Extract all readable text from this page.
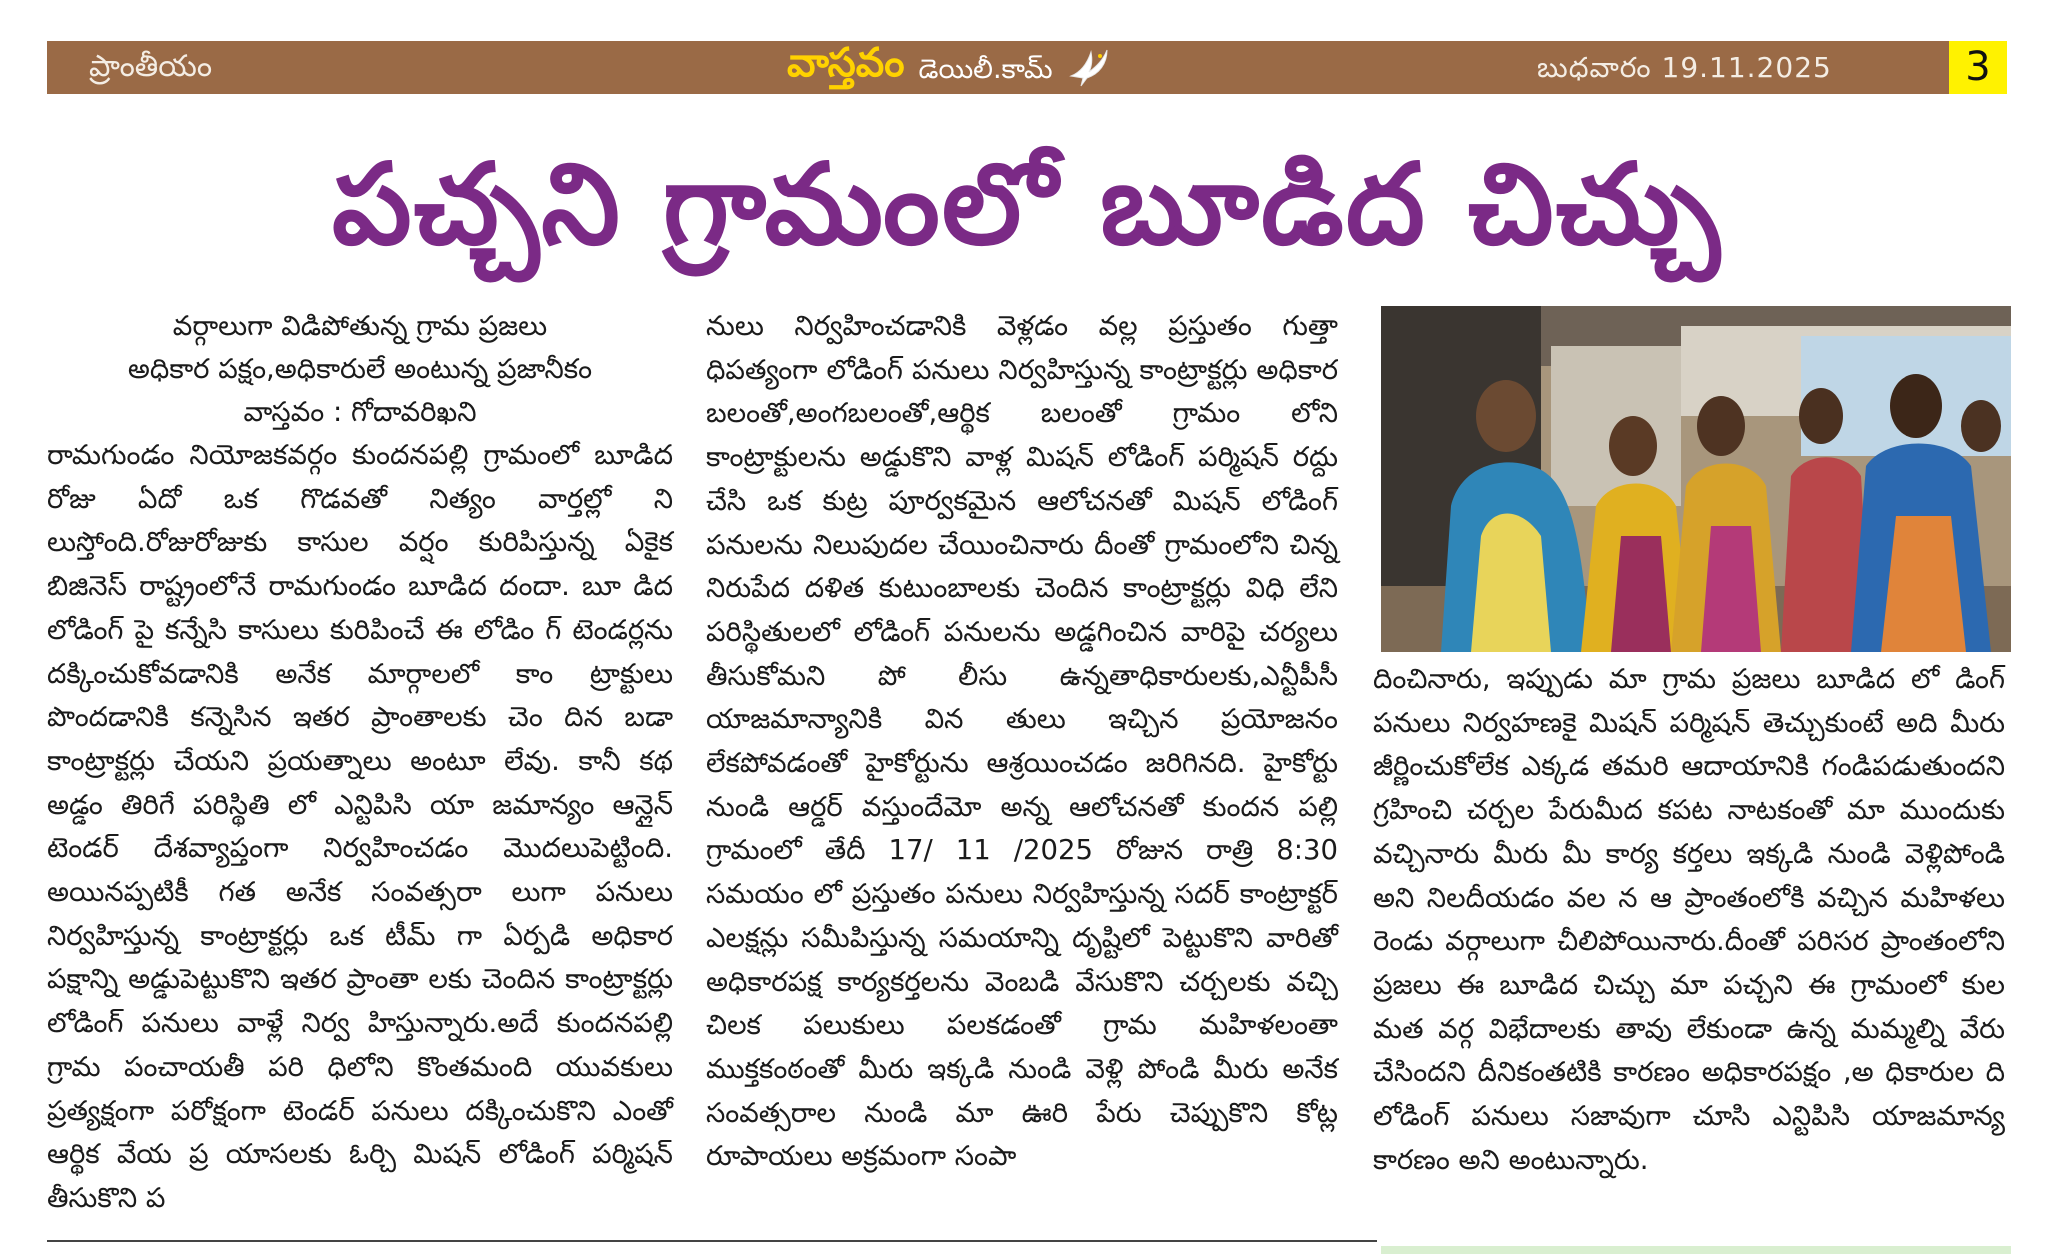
ప్రాంతీయం	వాస్తవం డెయిలీ.కామ్	బుధవారం 19.11.2025	3
పచ్చని గ్రామంలో బూడిద చిచ్చు
వర్గాలుగా విడిపోతున్న గ్రామ ప్రజలు
అధికార పక్షం,అధికారులే అంటున్న ప్రజానీకం
వాస్తవం : గోదావరిఖని

రామగుండం నియోజకవర్గం కుందనపల్లి గ్రామంలో బూడిద రోజు ఏదో ఒక గొడవతో నిత్యం వార్తల్లో ని లుస్తోంది.రోజురోజుకు కాసుల వర్షం కురిపిస్తున్న ఏకైక బిజినెస్ రాష్ట్రంలోనే రామగుండం బూడిద దందా. బూ డిద లోడింగ్ పై కన్నేసి కాసులు కురిపించే ఈ లోడిం గ్ టెండర్లను దక్కించుకోవడానికి అనేక మార్గాలలో కాం ట్రాక్టులు పొందడానికి కన్నెసిన ఇతర ప్రాంతాలకు చెం దిన బడా కాంట్రాక్టర్లు చేయని ప్రయత్నాలు అంటూ లేవు. కానీ కథ అడ్డం తిరిగే పరిస్థితి లో ఎన్టిపిసి యా జమాన్యం ఆన్లైన్ టెండర్ దేశవ్యాప్తంగా నిర్వహించడం మొదలుపెట్టింది. అయినప్పటికీ గత అనేక సంవత్సరా లుగా పనులు నిర్వహిస్తున్న కాంట్రాక్టర్లు ఒక టీమ్ గా ఏర్పడి అధికార పక్షాన్ని అడ్డుపెట్టుకొని ఇతర ప్రాంతా లకు చెందిన కాంట్రాక్టర్లు లోడింగ్ పనులు వాళ్లే నిర్వ హిస్తున్నారు.అదే కుందనపల్లి గ్రామ పంచాయతీ పరి ధిలోని కొంతమంది యువకులు ప్రత్యక్షంగా పరోక్షంగా టెండర్ పనులు దక్కించుకొని ఎంతో ఆర్థిక వేయ ప్ర యాసలకు ఓర్చి మిషన్ లోడింగ్ పర్మిషన్ తీసుకొని ప

నులు నిర్వహించడానికి వెళ్లడం వల్ల ప్రస్తుతం గుత్తా ధిపత్యంగా లోడింగ్ పనులు నిర్వహిస్తున్న కాంట్రాక్టర్లు అధికార బలంతో,అంగబలంతో,ఆర్థిక బలంతో గ్రామం లోని కాంట్రాక్టులను అడ్డుకొని వాళ్ల మిషన్ లోడింగ్ పర్మిషన్ రద్దు చేసి ఒక కుట్ర పూర్వకమైన ఆలోచనతో మిషన్ లోడింగ్ పనులను నిలుపుదల చేయించినారు దీంతో గ్రామంలోని చిన్న నిరుపేద దళిత కుటుంబాలకు చెందిన కాంట్రాక్టర్లు విధి లేని పరిస్థితులలో లోడింగ్ పనులను అడ్డగించిన వారిపై చర్యలు తీసుకోమని పో లీసు ఉన్నతాధికారులకు,ఎన్టీపీసీ యాజమాన్యానికి విన తులు ఇచ్చిన ప్రయోజనం లేకపోవడంతో హైకోర్టును ఆశ్రయించడం జరిగినది. హైకోర్టు నుండి ఆర్డర్ వస్తుందేమో అన్న ఆలోచనతో కుందన పల్లి గ్రామంలో తేదీ 17/ 11 /2025 రోజున రాత్రి 8:30 సమయం లో ప్రస్తుతం పనులు నిర్వహిస్తున్న సదర్ కాంట్రాక్టర్ ఎలక్షన్లు సమీపిస్తున్న సమయాన్ని దృష్టిలో పెట్టుకొని వారితో అధికారపక్ష కార్యకర్తలను వెంబడి వేసుకొని చర్చలకు వచ్చి చిలక పలుకులు పలకడంతో గ్రామ మహిళలంతా ముక్తకంఠంతో మీరు ఇక్కడి నుండి వెళ్లి పోండి మీరు అనేక సంవత్సరాల నుండి మా ఊరి పేరు చెప్పుకొని కోట్ల రూపాయలు అక్రమంగా సంపా

దించినారు, ఇప్పుడు మా గ్రామ ప్రజలు బూడిద లో డింగ్ పనులు నిర్వహణకై మిషన్ పర్మిషన్ తెచ్చుకుంటే అది మీరు జీర్ణించుకోలేక ఎక్కడ తమరి ఆదాయానికి గండిపడుతుందని గ్రహించి చర్చల పేరుమీద కపట నాటకంతో మా ముందుకు వచ్చినారు మీరు మీ కార్య కర్తలు ఇక్కడి నుండి వెళ్లిపోండి అని నిలదీయడం వల న ఆ ప్రాంతంలోకి వచ్చిన మహిళలు రెండు వర్గాలుగా చీలిపోయినారు.దీంతో పరిసర ప్రాంతంలోని ప్రజలు ఈ బూడిద చిచ్చు మా పచ్చని ఈ గ్రామంలో కుల మత వర్గ విభేదాలకు తావు లేకుండా ఉన్న మమ్మల్ని వేరు చేసిందని దీనికంతటికి కారణం అధికారపక్షం ,అ ధికారుల ది లోడింగ్ పనులు సజావుగా చూసి ఎన్టిపిసి యాజమాన్య కారణం అని అంటున్నారు.
